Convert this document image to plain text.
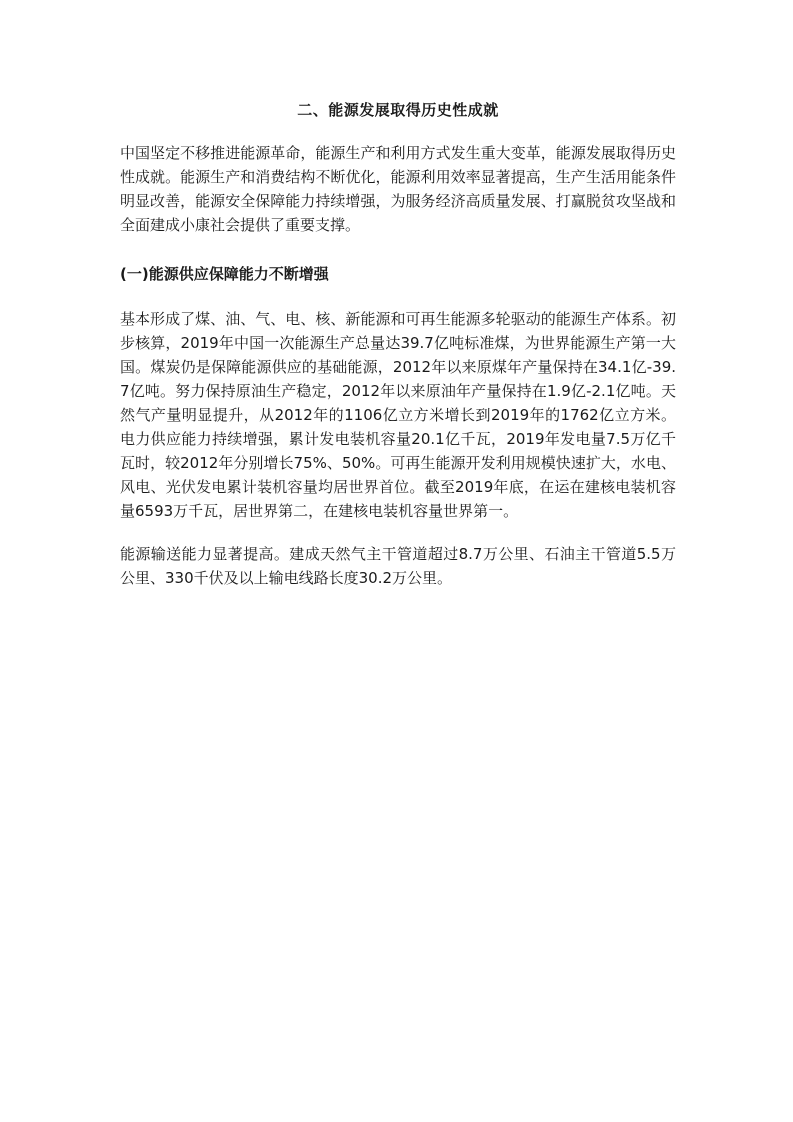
二、能源发展取得历史性成就

中国坚定不移推进能源革命，能源生产和利用方式发生重大变革，能源发展取得历史性成就。能源生产和消费结构不断优化，能源利用效率显著提高，生产生活用能条件明显改善，能源安全保障能力持续增强，为服务经济高质量发展、打赢脱贫攻坚战和全面建成小康社会提供了重要支撑。

(一)能源供应保障能力不断增强

基本形成了煤、油、气、电、核、新能源和可再生能源多轮驱动的能源生产体系。初步核算，2019年中国一次能源生产总量达39.7亿吨标准煤，为世界能源生产第一大国。煤炭仍是保障能源供应的基础能源，2012年以来原煤年产量保持在34.1亿-39.7亿吨。努力保持原油生产稳定，2012年以来原油年产量保持在1.9亿-2.1亿吨。天然气产量明显提升，从2012年的1106亿立方米增长到2019年的1762亿立方米。电力供应能力持续增强，累计发电装机容量20.1亿千瓦，2019年发电量7.5万亿千瓦时，较2012年分别增长75%、50%。可再生能源开发利用规模快速扩大，水电、风电、光伏发电累计装机容量均居世界首位。截至2019年底，在运在建核电装机容量6593万千瓦，居世界第二，在建核电装机容量世界第一。

能源输送能力显著提高。建成天然气主干管道超过8.7万公里、石油主干管道5.5万公里、330千伏及以上输电线路长度30.2万公里。
